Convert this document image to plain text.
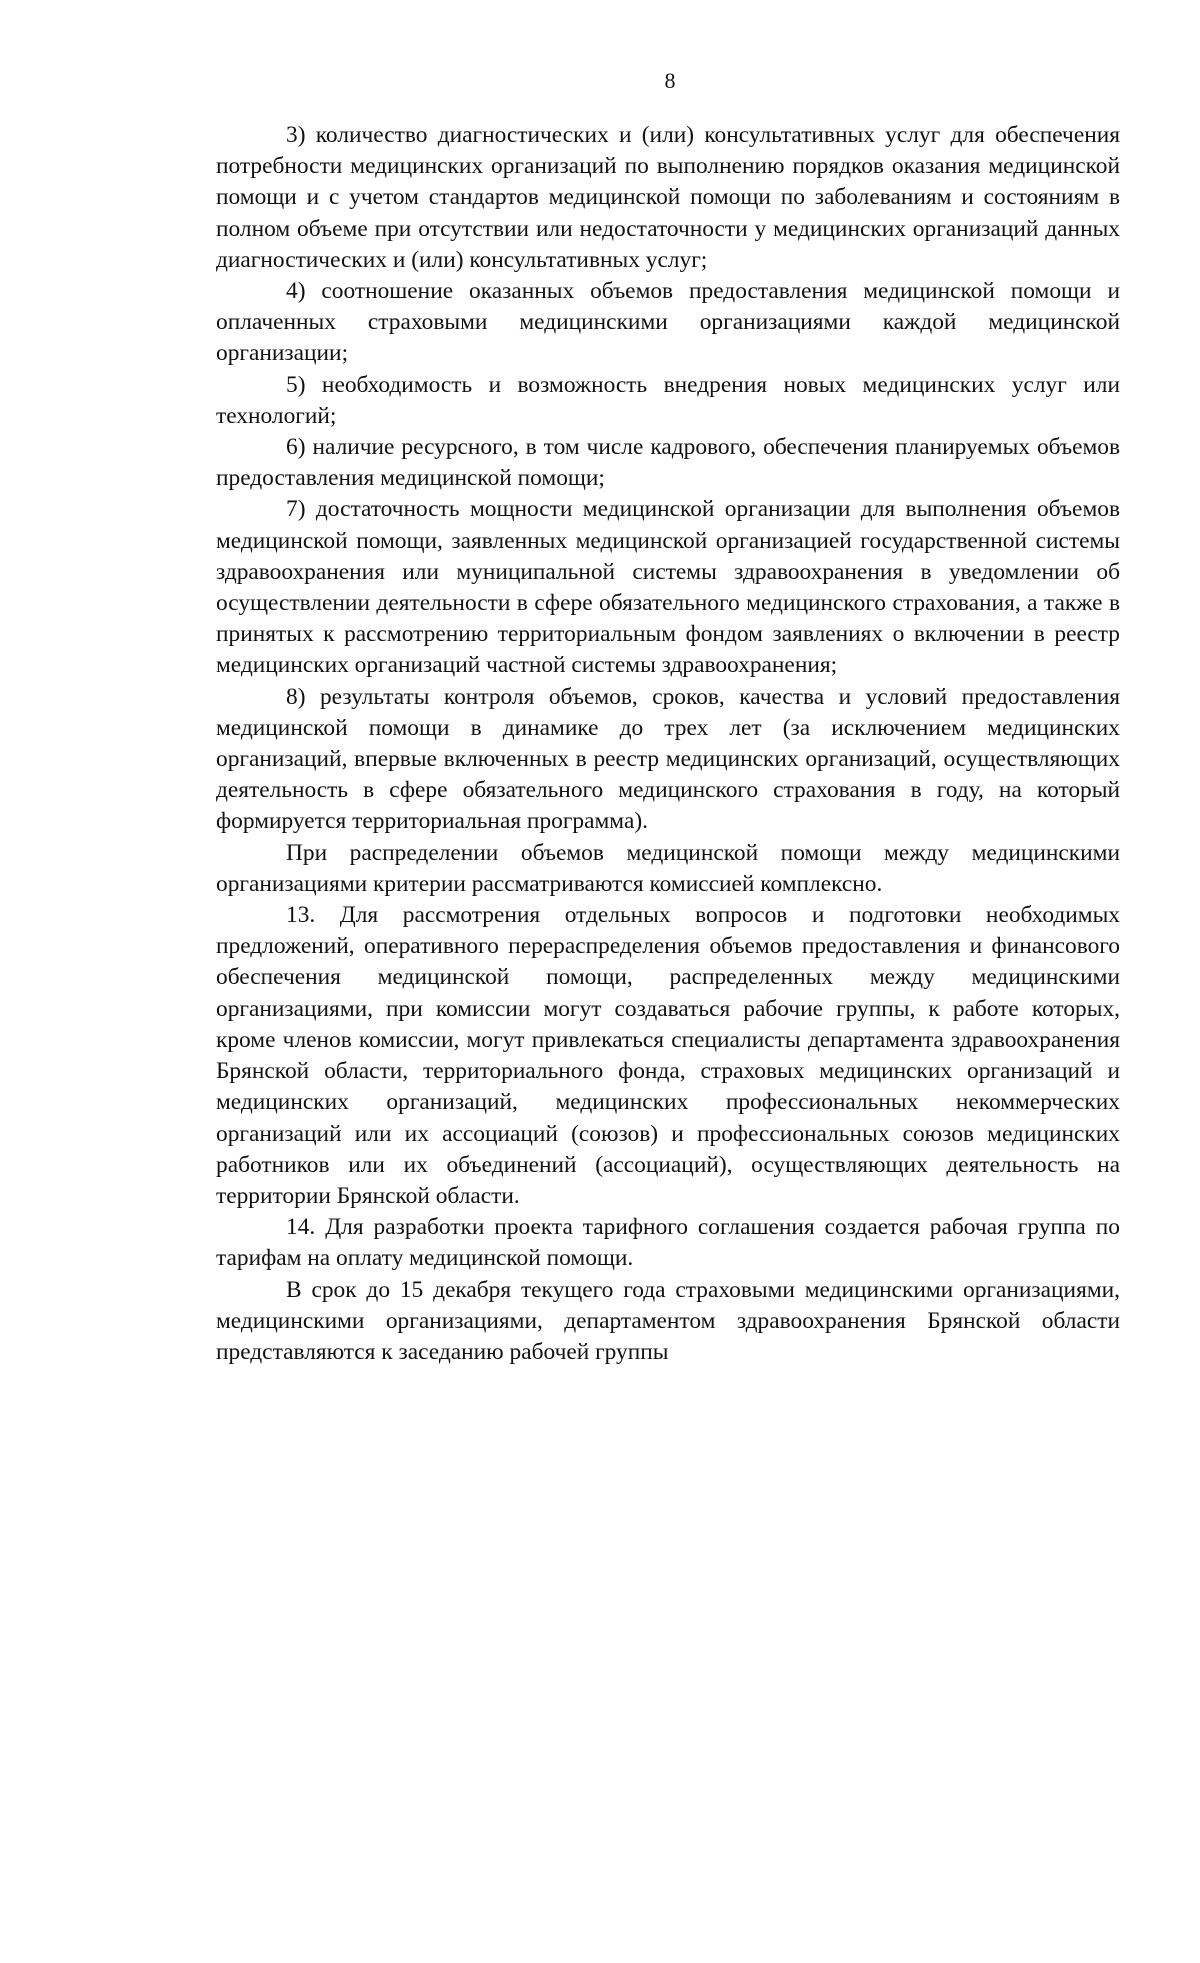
8

3) количество диагностических и (или) консультативных услуг для обеспечения потребности медицинских организаций по выполнению порядков оказания медицинской помощи и с учетом стандартов медицинской помощи по заболеваниям и состояниям в полном объеме при отсутствии или недостаточности у медицинских организаций данных диагностических и (или) консультативных услуг;

4) соотношение оказанных объемов предоставления медицинской помощи и оплаченных страховыми медицинскими организациями каждой медицинской организации;

5) необходимость и возможность внедрения новых медицинских услуг или технологий;

6) наличие ресурсного, в том числе кадрового, обеспечения планируемых объемов предоставления медицинской помощи;

7) достаточность мощности медицинской организации для выполнения объемов медицинской помощи, заявленных медицинской организацией государственной системы здравоохранения или муниципальной системы здравоохранения в уведомлении об осуществлении деятельности в сфере обязательного медицинского страхования, а также в принятых к рассмотрению территориальным фондом заявлениях о включении в реестр медицинских организаций частной системы здравоохранения;

8) результаты контроля объемов, сроков, качества и условий предоставления медицинской помощи в динамике до трех лет (за исключением медицинских организаций, впервые включенных в реестр медицинских организаций, осуществляющих деятельность в сфере обязательного медицинского страхования в году, на который формируется территориальная программа).

При распределении объемов медицинской помощи между медицинскими организациями критерии рассматриваются комиссией комплексно.

13. Для рассмотрения отдельных вопросов и подготовки необходимых предложений, оперативного перераспределения объемов предоставления и финансового обеспечения медицинской помощи, распределенных между медицинскими организациями, при комиссии могут создаваться рабочие группы, к работе которых, кроме членов комиссии, могут привлекаться специалисты департамента здравоохранения Брянской области, территориального фонда, страховых медицинских организаций и медицинских организаций, медицинских профессиональных некоммерческих организаций или их ассоциаций (союзов) и профессиональных союзов медицинских работников или их объединений (ассоциаций), осуществляющих деятельность на территории Брянской области.

14. Для разработки проекта тарифного соглашения создается рабочая группа по тарифам на оплату медицинской помощи.

В срок до 15 декабря текущего года страховыми медицинскими организациями, медицинскими организациями, департаментом здравоохранения Брянской области представляются к заседанию рабочей группы
